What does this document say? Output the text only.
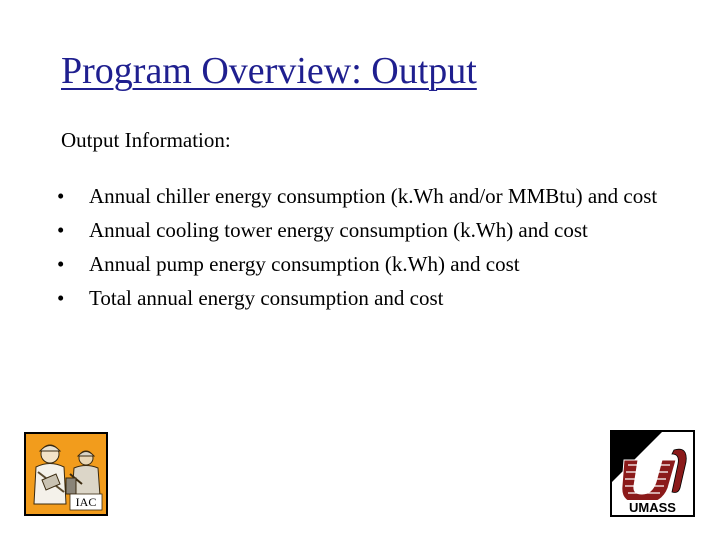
Program Overview: Output
Output Information:
• Annual chiller energy consumption (k.Wh and/or MMBtu) and cost
• Annual cooling tower energy consumption (k.Wh) and cost
• Annual pump energy consumption (k.Wh) and cost
• Total annual energy consumption and cost
IAC	UMASS
